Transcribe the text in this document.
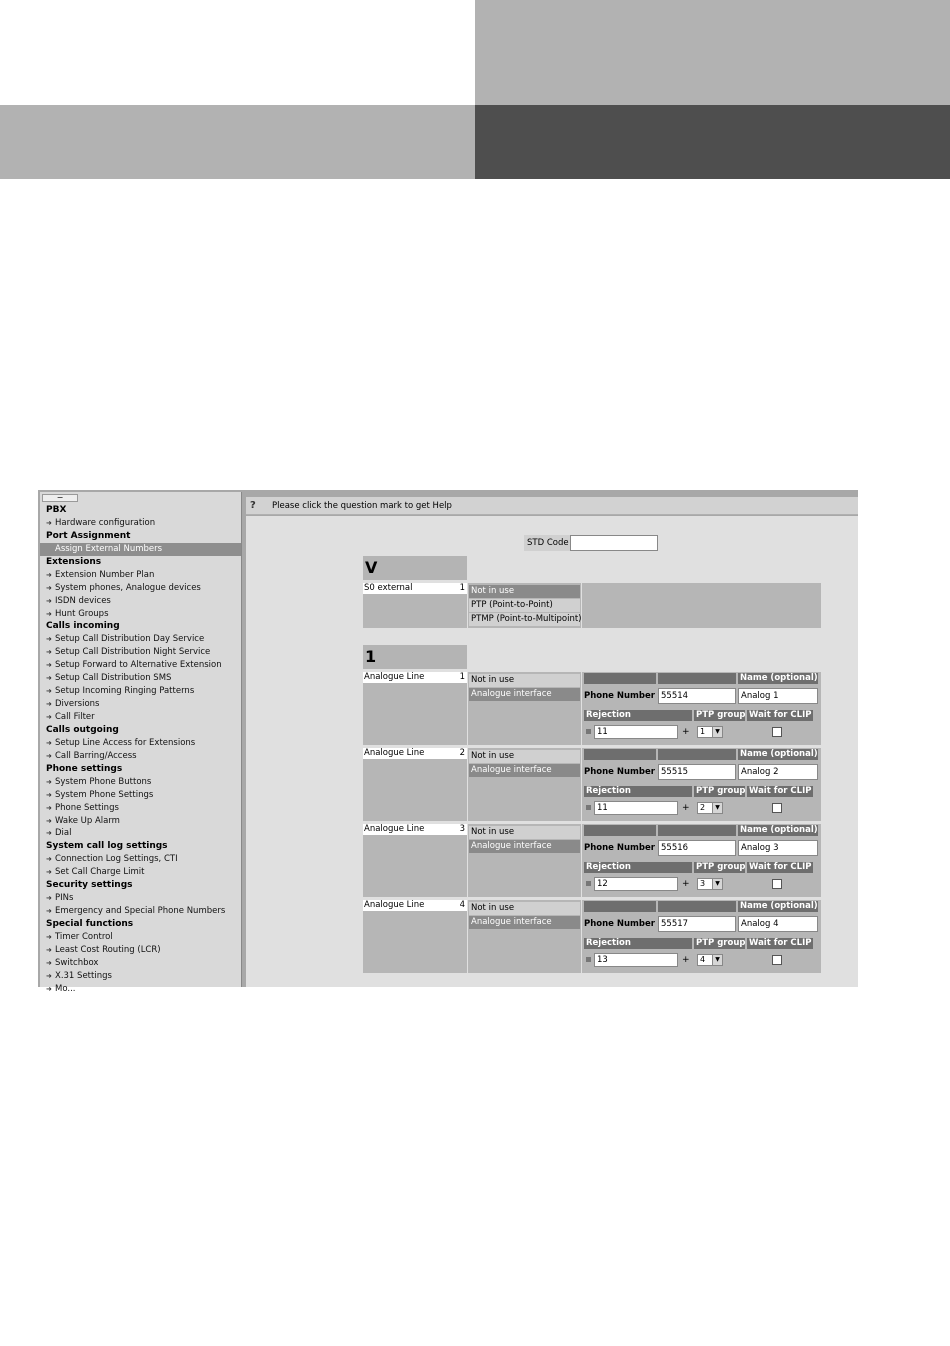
−
PBX
➜ Hardware configuration
Port Assignment
Assign External Numbers
Extensions
➜ Extension Number Plan
➜ System phones, Analogue devices
➜ ISDN devices
➜ Hunt Groups
Calls incoming
➜ Setup Call Distribution Day Service
➜ Setup Call Distribution Night Service
➜ Setup Forward to Alternative Extension
➜ Setup Call Distribution SMS
➜ Setup Incoming Ringing Patterns
➜ Diversions
➜ Call Filter
Calls outgoing
➜ Setup Line Access for Extensions
➜ Call Barring/Access
Phone settings
➜ System Phone Buttons
➜ System Phone Settings
➜ Phone Settings
➜ Wake Up Alarm
➜ Dial
System call log settings
➜ Connection Log Settings, CTI
➜ Set Call Charge Limit
Security settings
➜ PINs
➜ Emergency and Special Phone Numbers
Special functions
➜ Timer Control
➜ Least Cost Routing (LCR)
➜ Switchbox
➜ X.31 Settings
➜ Mo...
?	Please click the question mark to get Help
STD Code
V
S0 external	1 Not in use
PTP (Point-to-Point)
PTMP (Point-to-Multipoint)
1
Analogue Line	1 Not in use
Analogue interface
Name (optional)
Phone Number 55514	Analog 1
Rejection	PTP group Wait for CLIP
11	+	1	▼
Analogue Line	2 Not in use
Analogue interface
Name (optional)
Phone Number 55515	Analog 2
Rejection	PTP group Wait for CLIP
11	+	2	▼
Analogue Line	3 Not in use
Analogue interface
Name (optional)
Phone Number 55516	Analog 3
Rejection	PTP group Wait for CLIP
12	+	3	▼
Analogue Line	4 Not in use
Analogue interface
Name (optional)
Phone Number 55517	Analog 4
Rejection	PTP group Wait for CLIP
13	+	4	▼
